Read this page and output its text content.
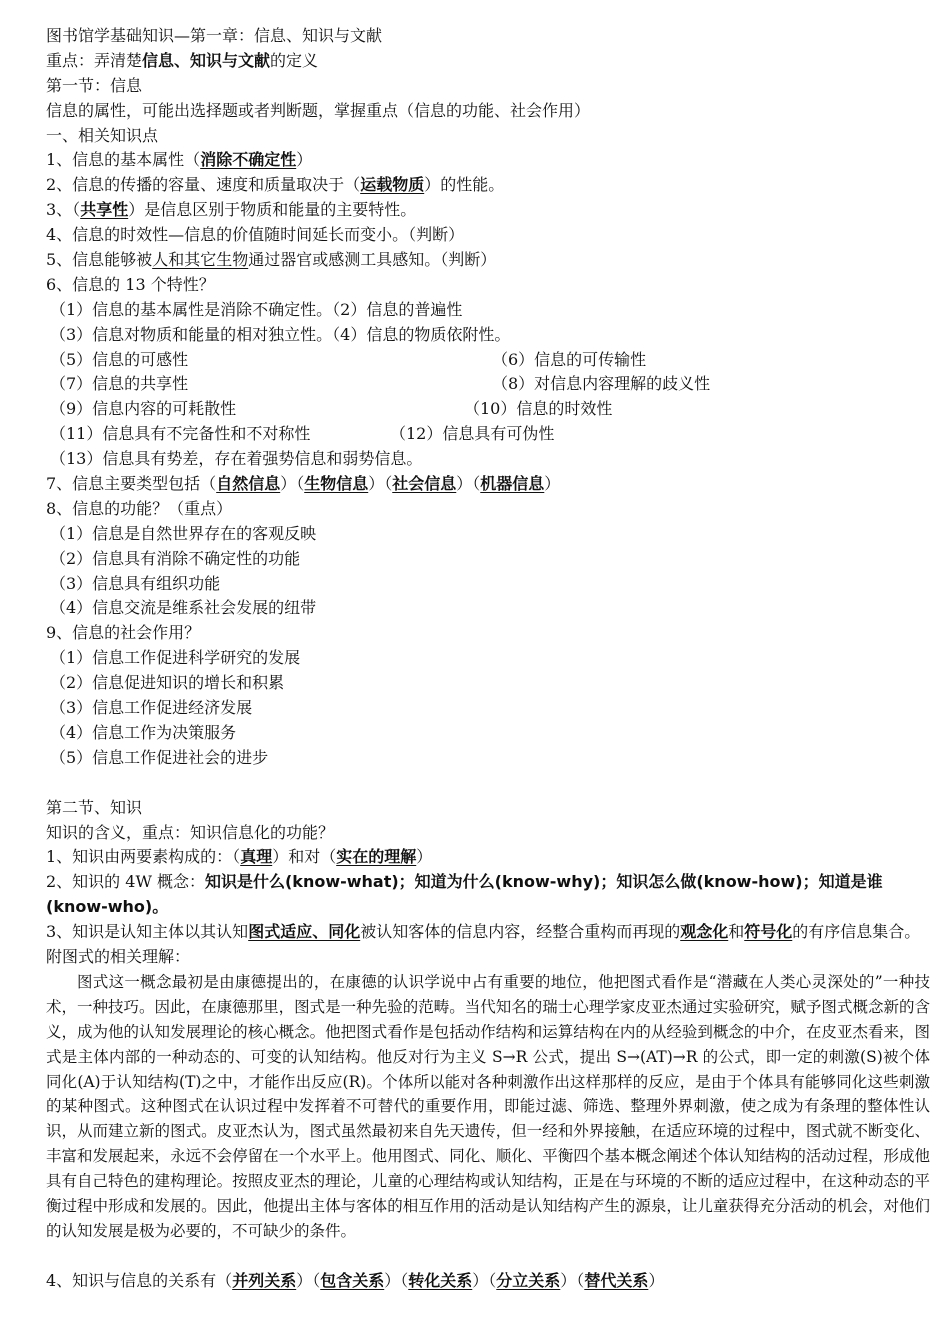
图书馆学基础知识—第一章：信息、知识与文献
重点：弄清楚信息、知识与文献的定义
第一节：信息
信息的属性，可能出选择题或者判断题，掌握重点（信息的功能、社会作用）
一、相关知识点
1、信息的基本属性（消除不确定性）
2、信息的传播的容量、速度和质量取决于（运载物质）的性能。
3、（共享性）是信息区别于物质和能量的主要特性。
4、信息的时效性—信息的价值随时间延长而变小。（判断）
5、信息能够被人和其它生物通过器官或感测工具感知。（判断）
6、信息的 13 个特性？
（1）信息的基本属性是消除不确定性。（2）信息的普遍性
（3）信息对物质和能量的相对独立性。（4）信息的物质依附性。
（5）信息的可感性	（6）信息的可传输性
（7）信息的共享性	（8）对信息内容理解的歧义性
（9）信息内容的可耗散性	（10）信息的时效性
（11）信息具有不完备性和不对称性	（12）信息具有可伪性
（13）信息具有势差，存在着强势信息和弱势信息。
7、信息主要类型包括（自然信息）（生物信息）（社会信息）（机器信息）
8、信息的功能？（重点）
（1）信息是自然世界存在的客观反映
（2）信息具有消除不确定性的功能
（3）信息具有组织功能
（4）信息交流是维系社会发展的纽带
9、信息的社会作用？
（1）信息工作促进科学研究的发展
（2）信息促进知识的增长和积累
（3）信息工作促进经济发展
（4）信息工作为决策服务
（5）信息工作促进社会的进步
第二节、知识
知识的含义，重点：知识信息化的功能？
1、知识由两要素构成的：（真理）和对（实在的理解）
2、知识的 4W 概念：知识是什么(know-what)；知道为什么(know-why)；知识怎么做(know-how)；知道是谁(know-who)。
3、知识是认知主体以其认知图式适应、同化被认知客体的信息内容，经整合重构而再现的观念化和符号化的有序信息集合。附图式的相关理解：
图式这一概念最初是由康德提出的，在康德的认识学说中占有重要的地位，他把图式看作是“潜藏在人类心灵深处的”一种技术，一种技巧。因此，在康德那里，图式是一种先验的范畴。当代知名的瑞士心理学家皮亚杰通过实验研究，赋予图式概念新的含义，成为他的认知发展理论的核心概念。他把图式看作是包括动作结构和运算结构在内的从经验到概念的中介，在皮亚杰看来，图式是主体内部的一种动态的、可变的认知结构。他反对行为主义 S→R 公式，提出 S→(AT)→R 的公式，即一定的刺激(S)被个体同化(A)于认知结构(T)之中，才能作出反应(R)。个体所以能对各种刺激作出这样那样的反应，是由于个体具有能够同化这些刺激的某种图式。这种图式在认识过程中发挥着不可替代的重要作用，即能过滤、筛选、整理外界刺激，使之成为有条理的整体性认识，从而建立新的图式。皮亚杰认为，图式虽然最初来自先天遗传，但一经和外界接触，在适应环境的过程中，图式就不断变化、丰富和发展起来，永远不会停留在一个水平上。他用图式、同化、顺化、平衡四个基本概念阐述个体认知结构的活动过程，形成他具有自己特色的建构理论。按照皮亚杰的理论，儿童的心理结构或认知结构，正是在与环境的不断的适应过程中，在这种动态的平衡过程中形成和发展的。因此，他提出主体与客体的相互作用的活动是认知结构产生的源泉，让儿童获得充分活动的机会，对他们的认知发展是极为必要的，不可缺少的条件。
4、知识与信息的关系有（并列关系）（包含关系）（转化关系）（分立关系）（替代关系）
